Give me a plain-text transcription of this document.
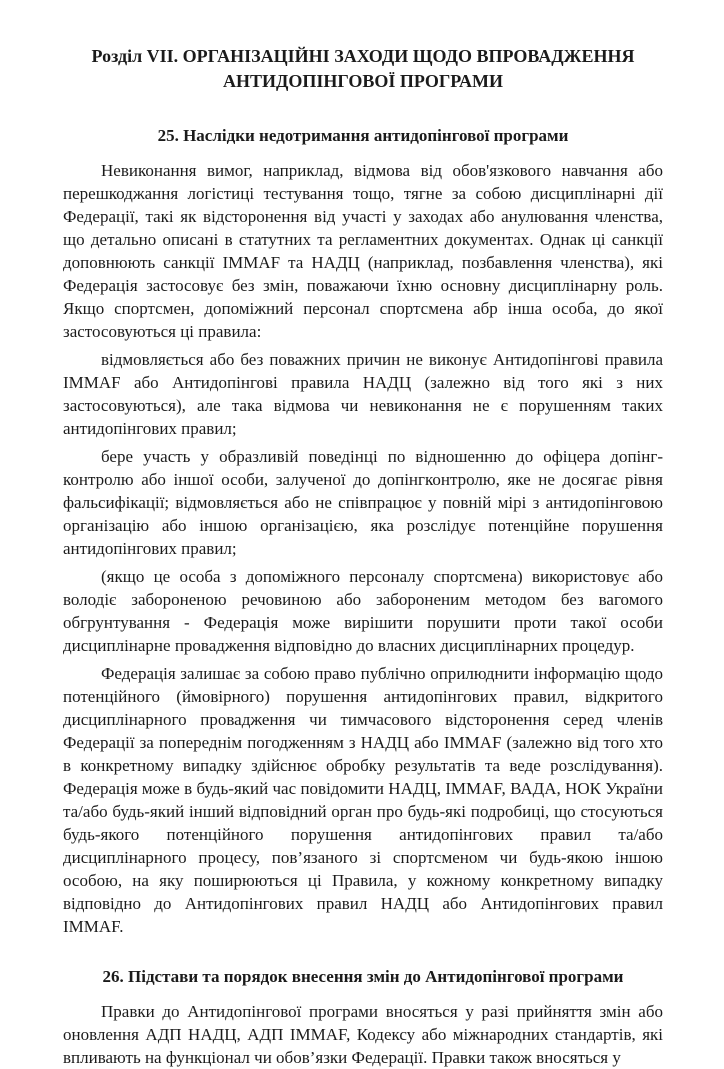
Розділ VII. ОРГАНІЗАЦІЙНІ ЗАХОДИ ЩОДО ВПРОВАДЖЕННЯ АНТИДОПІНГОВОЇ ПРОГРАМИ
25. Наслідки недотримання антидопінгової програми

Невиконання вимог, наприклад, відмова від обов'язкового навчання або перешкоджання логістиці тестування тощо, тягне за собою дисциплінарні дії Федерації, такі як відсторонення від участі у заходах або анулювання членства, що детально описані в статутних та регламентних документах. Однак ці санкції доповнюють санкції IMMAF та НАДЦ (наприклад, позбавлення членства), які Федерація застосовує без змін, поважаючи їхню основну дисциплінарну роль. Якщо спортсмен, допоміжний персонал спортсмена абр інша особа, до якої застосовуються ці правила:

відмовляється або без поважних причин не виконує Антидопінгові правила IMMAF або Антидопінгові правила НАДЦ (залежно від того які з них застосовуються), але така відмова чи невиконання не є порушенням таких антидопінгових правил;

бере участь у образливій поведінці по відношенню до офіцера допінг-контролю або іншої особи, залученої до допінгконтролю, яке не досягає рівня фальсифікації; відмовляється або не співпрацює у повній мірі з антидопінговою організацію або іншою організацією, яка розслідує потенційне порушення антидопінгових правил;

(якщо це особа з допоміжного персоналу спортсмена) використовує або володіє забороненою речовиною або забороненим методом без вагомого обгрунтування - Федерація може вирішити порушити проти такої особи дисциплінарне провадження відповідно до власних дисциплінарних процедур.

Федерація залишає за собою право публічно оприлюднити інформацію щодо потенційного (ймовірного) порушення антидопінгових правил, відкритого дисциплінарного провадження чи тимчасового відсторонення серед членів Федерації за попереднім погодженням з НАДЦ або IMMAF (залежно від того хто в конкретному випадку здійснює обробку результатів та веде розслідування). Федерація може в будь-який час повідомити НАДЦ, IMMAF, ВАДА, НОК України та/або будь-який інший відповідний орган про будь-які подробиці, що стосуються будь-якого потенційного порушення антидопінгових правил та/або дисциплінарного процесу, пов’язаного зі спортсменом чи будь-якою іншою особою, на яку поширюються ці Правила, у кожному конкретному випадку відповідно до Антидопінгових правил НАДЦ або Антидопінгових правил IMMAF.

26. Підстави та порядок внесення змін до Антидопінгової програми

Правки до Антидопінгової програми вносяться у разі прийняття змін або оновлення АДП НАДЦ, АДП IMMAF, Кодексу або міжнародних стандартів, які впливають на функціонал чи обов’язки Федерації. Правки також вносяться у
